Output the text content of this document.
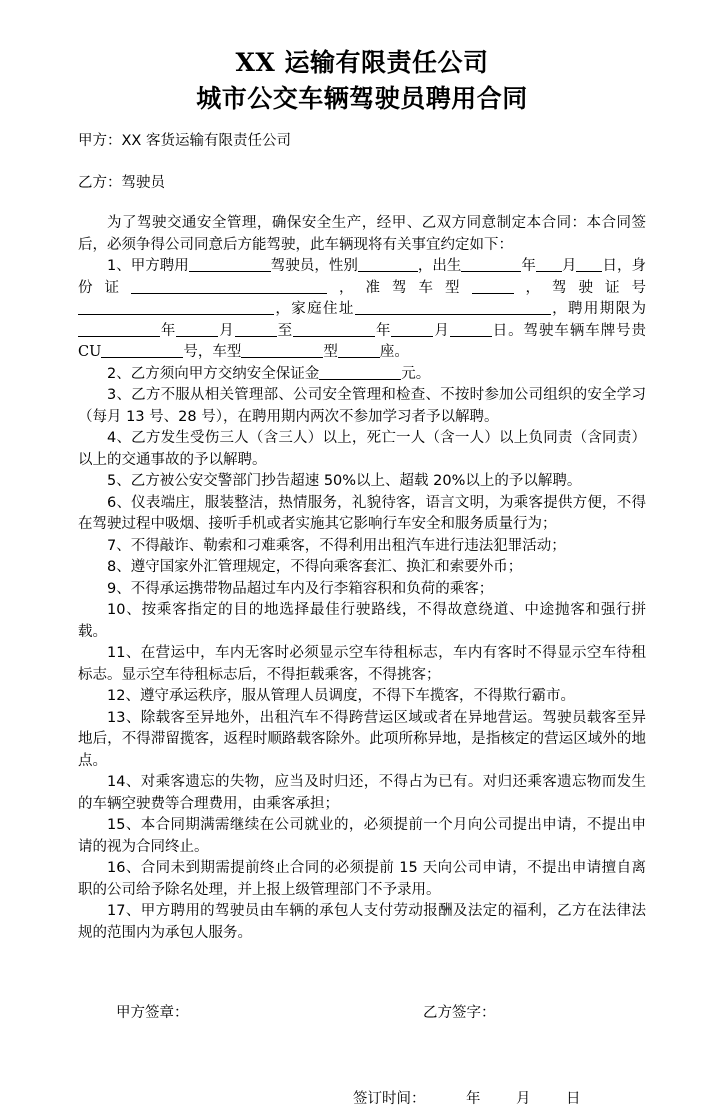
XX 运输有限责任公司
城市公交车辆驾驶员聘用合同
甲方：XX 客货运输有限责任公司
乙方：驾驶员

为了驾驶交通安全管理，确保安全生产，经甲、乙双方同意制定本合同：本合同签后，必须争得公司同意后方能驾驶，此车辆现将有关事宜约定如下：

1、甲方聘用	驾驶员，性别	，出生	年 月 日，身份证	，准驾车型	，驾驶证号，家庭住址	，聘用期限为年	月	至	年	月	日。驾驶车辆车牌号贵CU	号，车型	型	座。

2、乙方须向甲方交纳安全保证金	元。

3、乙方不服从相关管理部、公司安全管理和检查、不按时参加公司组织的安全学习（每月 13 号、28 号），在聘用期内两次不参加学习者予以解聘。

4、乙方发生受伤三人（含三人）以上，死亡一人（含一人）以上负同责（含同责）以上的交通事故的予以解聘。

5、乙方被公安交警部门抄告超速 50%以上、超载 20%以上的予以解聘。

6、仪表端庄，服装整洁，热情服务，礼貌待客，语言文明，为乘客提供方便，不得在驾驶过程中吸烟、接听手机或者实施其它影响行车安全和服务质量行为；

7、不得敲诈、勒索和刁难乘客，不得利用出租汽车进行违法犯罪活动；

8、遵守国家外汇管理规定，不得向乘客套汇、换汇和索要外币；

9、不得承运携带物品超过车内及行李箱容积和负荷的乘客；

10、按乘客指定的目的地选择最佳行驶路线，不得故意绕道、中途抛客和强行拼载。

11、在营运中，车内无客时必须显示空车待租标志，车内有客时不得显示空车待租标志。显示空车待租标志后，不得拒载乘客，不得挑客；

12、遵守承运秩序，服从管理人员调度，不得下车揽客，不得欺行霸市。

13、除载客至异地外，出租汽车不得跨营运区域或者在异地营运。驾驶员载客至异地后，不得滞留揽客，返程时顺路载客除外。此项所称异地，是指核定的营运区域外的地点。

14、对乘客遗忘的失物，应当及时归还，不得占为已有。对归还乘客遗忘物而发生的车辆空驶费等合理费用，由乘客承担；

15、本合同期满需继续在公司就业的，必须提前一个月向公司提出申请，不提出申请的视为合同终止。

16、合同未到期需提前终止合同的必须提前 15 天向公司申请，不提出申请擅自离职的公司给予除名处理，并上报上级管理部门不予录用。

17、甲方聘用的驾驶员由车辆的承包人支付劳动报酬及法定的福利，乙方在法律法规的范围内为承包人服务。

甲方签章：	乙方签字：
签订时间：	年 月 日
